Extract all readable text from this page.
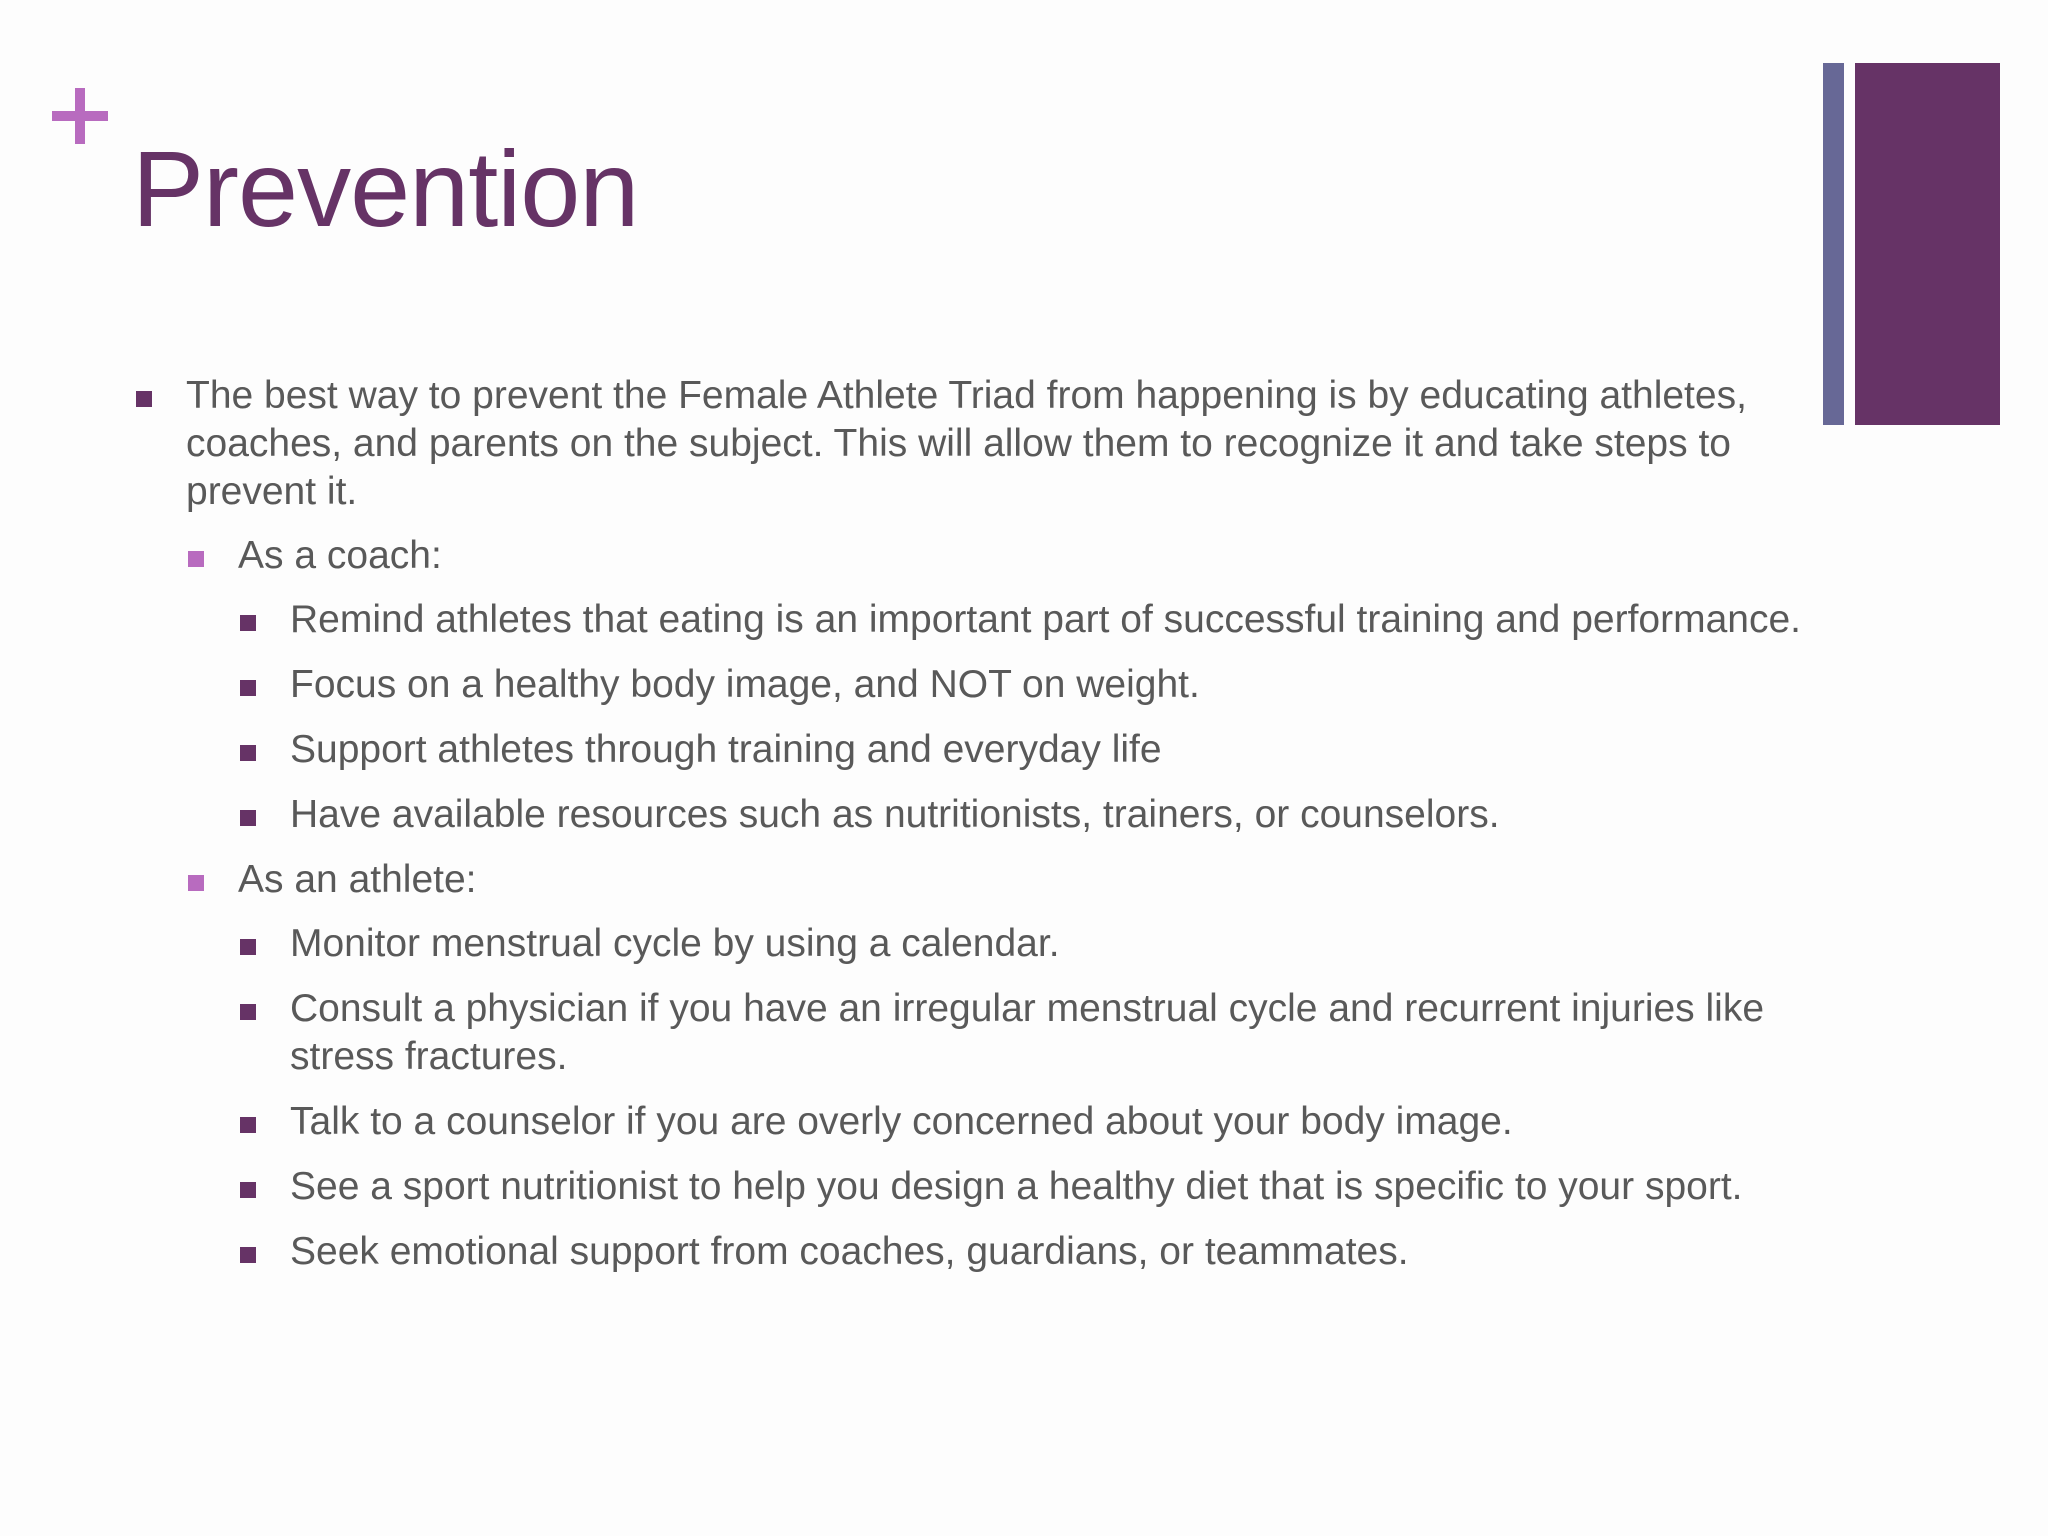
Prevention
The best way to prevent the Female Athlete Triad from happening is by educating athletes, coaches, and parents on the subject. This will allow them to recognize it and take steps to prevent it.
As a coach:
Remind athletes that eating is an important part of successful training and performance.
Focus on a healthy body image, and NOT on weight.
Support athletes through training and everyday life
Have available resources such as nutritionists, trainers, or counselors.
As an athlete:
Monitor menstrual cycle by using a calendar.
Consult a physician if you have an irregular menstrual cycle and recurrent injuries like stress fractures.
Talk to a counselor if you are overly concerned about your body image.
See a sport nutritionist to help you design a healthy diet that is specific to your sport.
Seek emotional support from coaches, guardians, or teammates.
